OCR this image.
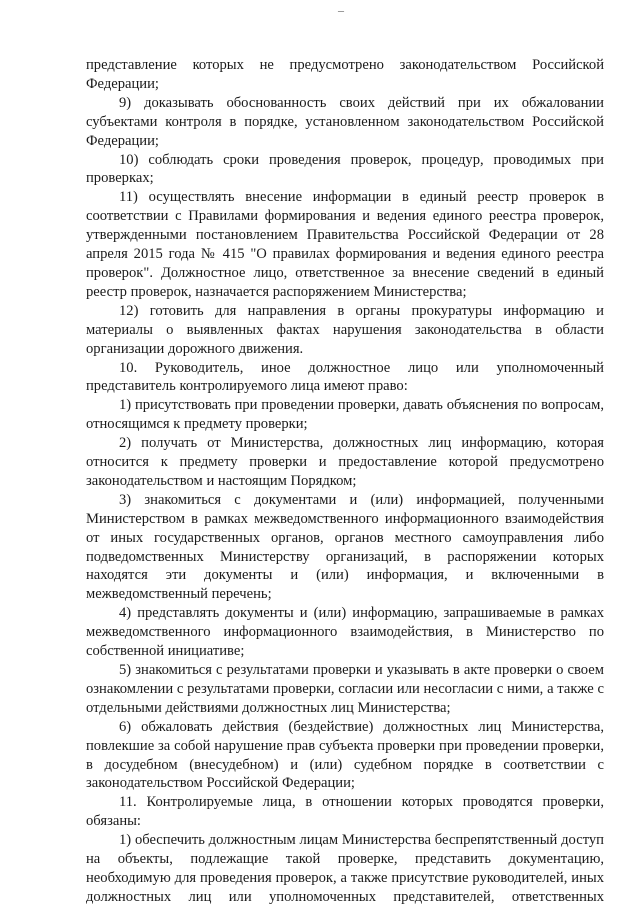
–

представление которых не предусмотрено законодательством Российской Федерации;

9) доказывать обоснованность своих действий при их обжаловании субъектами контроля в порядке, установленном законодательством Российской Федерации;

10) соблюдать сроки проведения проверок, процедур, проводимых при проверках;

11) осуществлять внесение информации в единый реестр проверок в соответствии с Правилами формирования и ведения единого реестра проверок, утвержденными постановлением Правительства Российской Федерации от 28 апреля 2015 года № 415 "О правилах формирования и ведения единого реестра проверок". Должностное лицо, ответственное за внесение сведений в единый реестр проверок, назначается распоряжением Министерства;

12) готовить для направления в органы прокуратуры информацию и материалы о выявленных фактах нарушения законодательства в области организации дорожного движения.

10. Руководитель, иное должностное лицо или уполномоченный представитель контролируемого лица имеют право:

1) присутствовать при проведении проверки, давать объяснения по вопросам, относящимся к предмету проверки;

2) получать от Министерства, должностных лиц информацию, которая относится к предмету проверки и предоставление которой предусмотрено законодательством и настоящим Порядком;

3) знакомиться с документами и (или) информацией, полученными Министерством в рамках межведомственного информационного взаимодействия от иных государственных органов, органов местного самоуправления либо подведомственных Министерству организаций, в распоряжении которых находятся эти документы и (или) информация, и включенными в межведомственный перечень;

4) представлять документы и (или) информацию, запрашиваемые в рамках межведомственного информационного взаимодействия, в Министерство по собственной инициативе;

5) знакомиться с результатами проверки и указывать в акте проверки о своем ознакомлении с результатами проверки, согласии или несогласии с ними, а также с отдельными действиями должностных лиц Министерства;

6) обжаловать действия (бездействие) должностных лиц Министерства, повлекшие за собой нарушение прав субъекта проверки при проведении проверки, в досудебном (внесудебном) и (или) судебном порядке в соответствии с законодательством Российской Федерации;

11. Контролируемые лица, в отношении которых проводятся проверки, обязаны:

1) обеспечить должностным лицам Министерства беспрепятственный доступ на объекты, подлежащие такой проверке, представить документацию, необходимую для проведения проверок, а также присутствие руководителей, иных должностных лиц или уполномоченных представителей, ответственных
